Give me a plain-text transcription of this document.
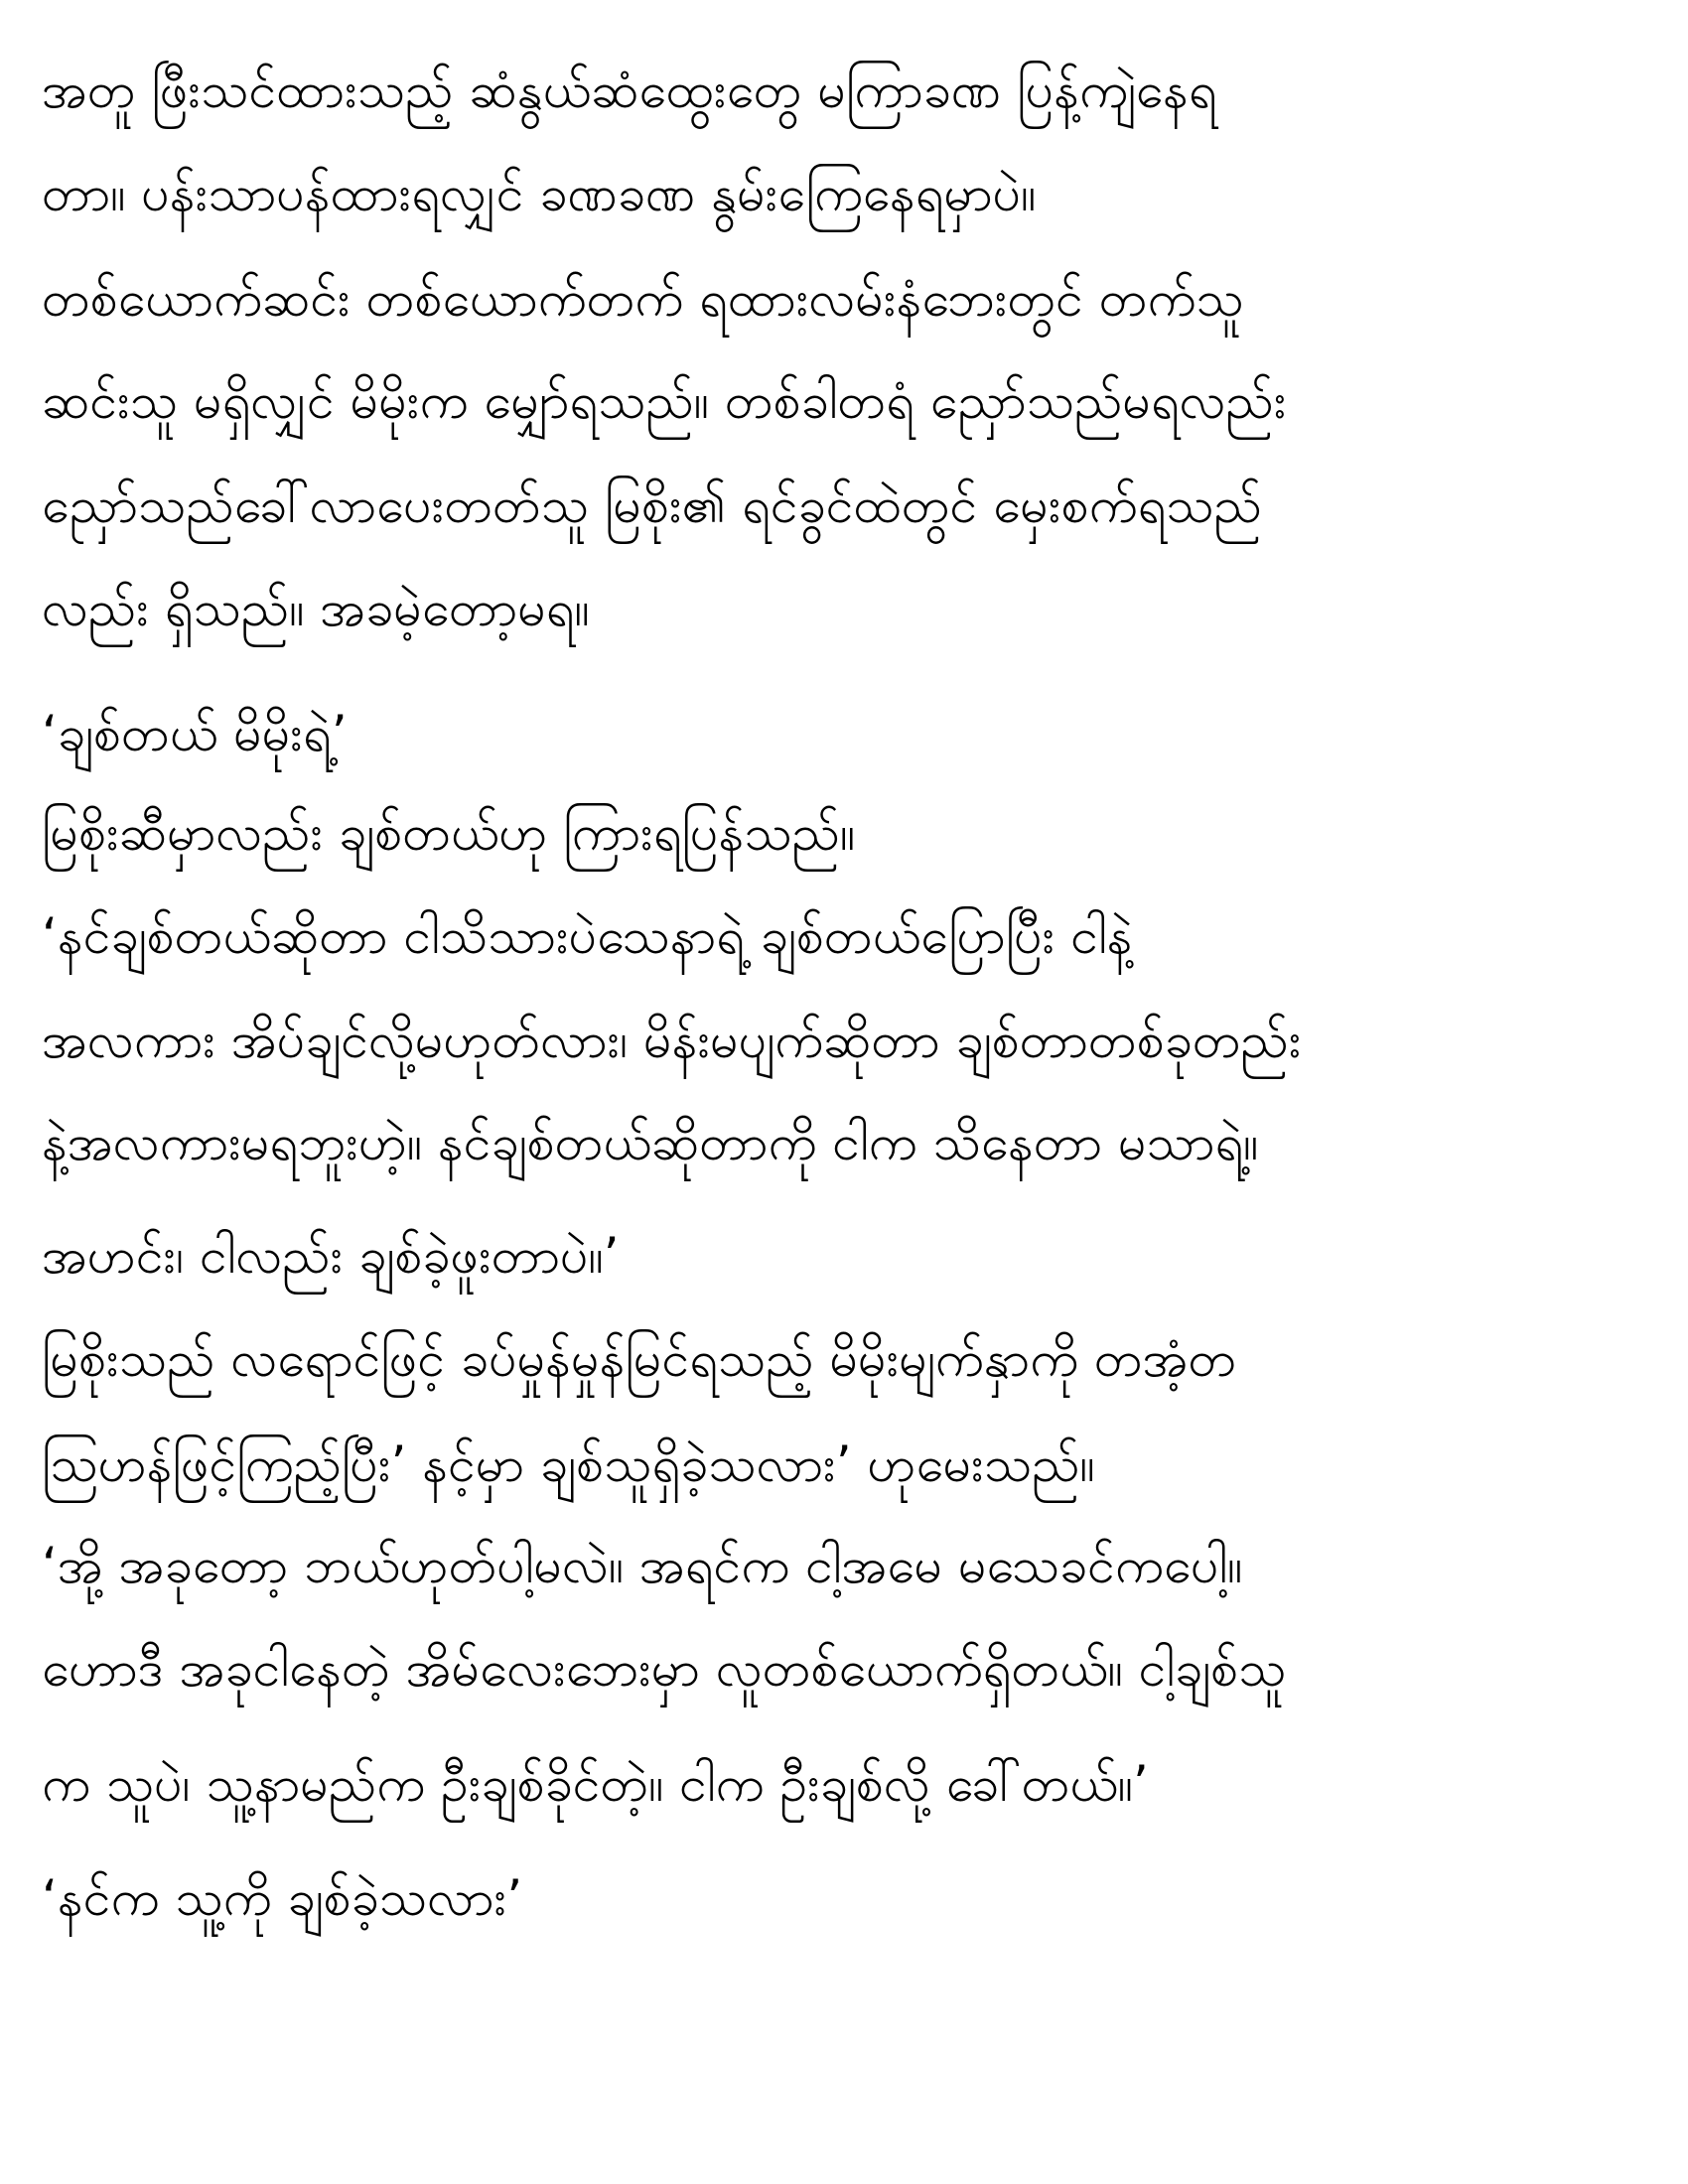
အတူ ဖြီးသင်ထားသည့် ဆံနွယ်ဆံထွေးတွေ မကြာခဏ ပြန့်ကျဲနေရ
တာ။ ပန်းသာပန်ထားရလျှင် ခဏခဏ နွမ်းကြေနေရမှာပဲ။
တစ်ယောက်ဆင်း တစ်ယောက်တက် ရထားလမ်းနံဘေးတွင် တက်သူ
ဆင်းသူ မရှိလျှင် မိမိုးက မျှော်ရသည်။ တစ်ခါတရံ ညှော်သည်မရလည်း
ညှော်သည်ခေါ်လာပေးတတ်သူ မြစိုး၏ ရင်ခွင်ထဲတွင် မှေးစက်ရသည်
လည်း ရှိသည်။ အခမဲ့တော့မရ။
‘ချစ်တယ် မိမိုးရဲ့’
မြစိုးဆီမှာလည်း ချစ်တယ်ဟု ကြားရပြန်သည်။
‘နင်ချစ်တယ်ဆိုတာ ငါသိသားပဲသေနာရဲ့ ချစ်တယ်ပြောပြီး ငါနဲ့
အလကား အိပ်ချင်လို့မဟုတ်လား၊ မိန်းမပျက်ဆိုတာ ချစ်တာတစ်ခုတည်း
နဲ့အလကားမရဘူးဟဲ့။ နင်ချစ်တယ်ဆိုတာကို ငါက သိနေတာ မသာရဲ့။
အဟင်း၊ ငါလည်း ချစ်ခဲ့ဖူးတာပဲ။’
မြစိုးသည် လရောင်ဖြင့် ခပ်မှုန်မှုန်မြင်ရသည့် မိမိုးမျက်နှာကို တအံ့တ
သြဟန်ဖြင့်ကြည့်ပြီး’ နင့်မှာ ချစ်သူရှိခဲ့သလား’ ဟုမေးသည်။
‘အို့ အခုတော့ ဘယ်ဟုတ်ပါ့မလဲ။ အရင်က ငါ့အမေ မသေခင်ကပေါ့။
ဟောဒီ အခုငါနေတဲ့ အိမ်လေးဘေးမှာ လူတစ်ယောက်ရှိတယ်။ ငါ့ချစ်သူ
က သူပဲ၊ သူ့နာမည်က ဦးချစ်ခိုင်တဲ့။ ငါက ဦးချစ်လို့ ခေါ်တယ်။’
‘နင်က သူ့ကို ချစ်ခဲ့သလား’
